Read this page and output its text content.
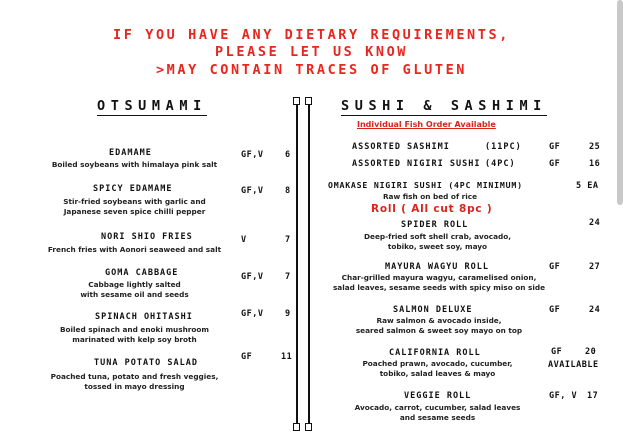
IF YOU HAVE ANY DIETARY REQUIREMENTS,
PLEASE LET US KNOW
>MAY CONTAIN TRACES OF GLUTEN
OTSUMAMI	SUSHI & SASHIMI
EDAMAME
Boiled soybeans with himalaya pink salt
GF,V	6
SPICY EDAMAME
Stir-fried soybeans with garlic and
Japanese seven spice chilli pepper
GF,V	8
NORI SHIO FRIES
French fries with Aonori seaweed and salt
V	7
GOMA CABBAGE
Cabbage lightly salted
with sesame oil and seeds
GF,V	7
SPINACH OHITASHI
Boiled spinach and enoki mushroom
marinated with kelp soy broth
GF,V	9
TUNA POTATO SALAD
Poached tuna, potato and fresh veggies,
tossed in mayo dressing
GF	11
Individual Fish Order Available
ASSORTED SASHIMI	(11PC)	GF	25
ASSORTED NIGIRI SUSHI (4PC)	GF	16
OMAKASE NIGIRI SUSHI (4PC MINIMUM)	5 EA
Raw fish on bed of rice
Roll ( All cut 8pc )
SPIDER ROLL
Deep-fried soft shell crab, avocado,
tobiko, sweet soy, mayo
24
MAYURA WAGYU ROLL
Char-grilled mayura wagyu, caramelised onion,
salad leaves, sesame seeds with spicy miso on side
GF	27
SALMON DELUXE
Raw salmon & avocado inside,
seared salmon & sweet soy mayo on top
GF	24
CALIFORNIA ROLL
Poached prawn, avocado, cucumber,
tobiko, salad leaves & mayo
GF	20
AVAILABLE
VEGGIE ROLL
Avocado, carrot, cucumber, salad leaves
and sesame seeds
GF, V 17
